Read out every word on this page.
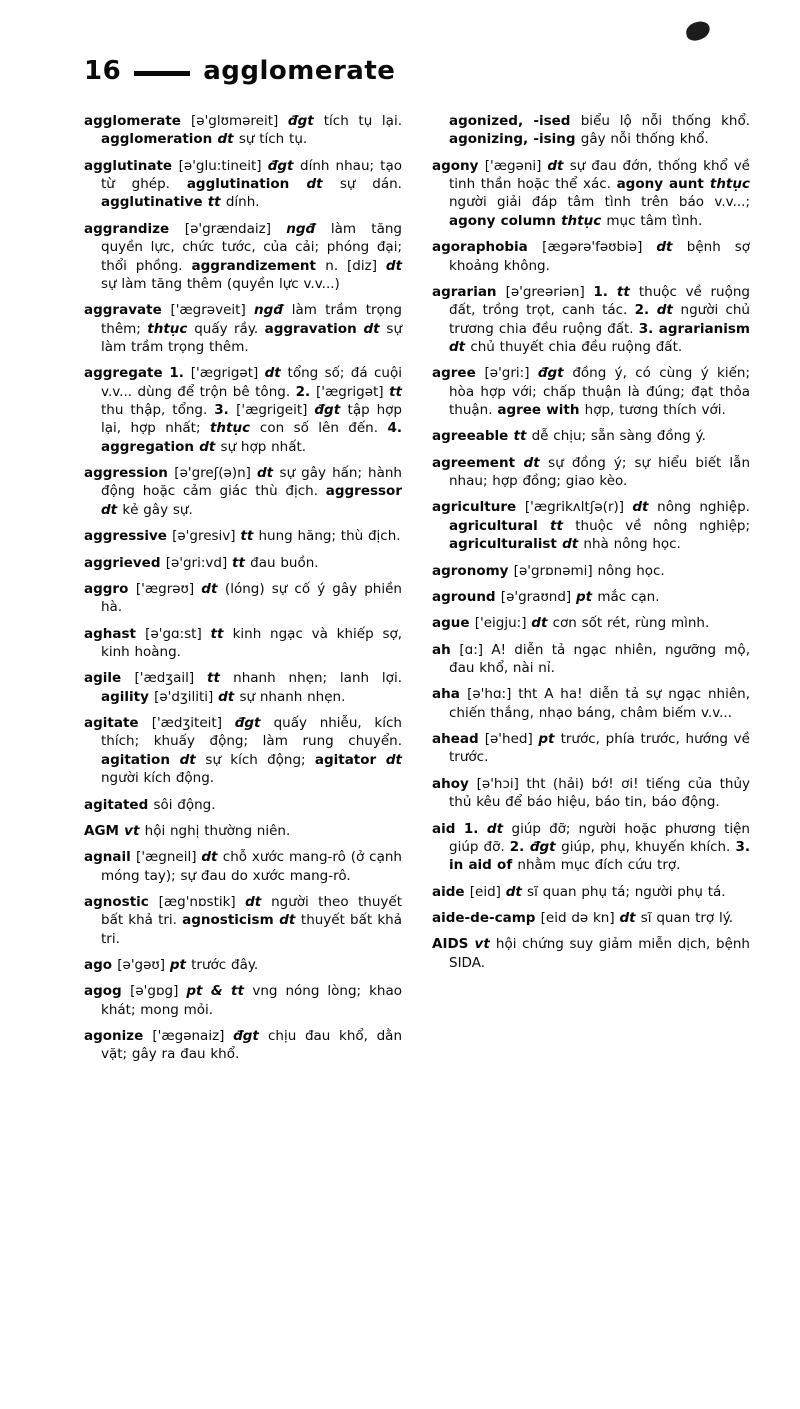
16	agglomerate

agglomerate [ə'glʊməreit] đgt tích tụ lại. agglomeration dt sự tích tụ.

agglutinate [ə'glu:tineit] đgt dính nhau; tạo từ ghép. agglutination dt sự dán. agglutinative tt dính.

aggrandize [ə'grændaiz] ngđ làm tăng quyền lực, chức tước, của cải; phóng đại; thổi phồng. aggrandizement n. [diz] dt sự làm tăng thêm (quyền lực v.v...)

aggravate ['ægrəveit] ngđ làm trầm trọng thêm; thtục quấy rầy. aggravation dt sự làm trầm trọng thêm.

aggregate 1. ['ægrigət] dt tổng số; đá cuội v.v... dùng để trộn bê tông. 2. ['ægrigət] tt thu thập, tổng. 3. ['ægrigeit] đgt tập hợp lại, hợp nhất; thtục con số lên đến. 4. aggregation dt sự hợp nhất.

aggression [ə'greʃ(ə)n] dt sự gây hấn; hành động hoặc cảm giác thù địch. aggressor dt kẻ gây sự.

aggressive [ə'gresiv] tt hung hăng; thù địch.

aggrieved [ə'gri:vd] tt đau buồn.

aggro ['ægrəʊ] dt (lóng) sự cố ý gây phiền hà.

aghast [ə'gɑ:st] tt kinh ngạc và khiếp sợ, kinh hoàng.

agile ['ædʒail] tt nhanh nhẹn; lanh lợi. agility [ə'dʒiliti] dt sự nhanh nhẹn.

agitate ['ædʒiteit] đgt quấy nhiễu, kích thích; khuấy động; làm rung chuyển. agitation dt sự kích động; agitator dt người kích động.

agitated sôi động.

AGM vt hội nghị thường niên.

agnail ['ægneil] dt chỗ xước mang-rô (ở cạnh móng tay); sự đau do xước mang-rô.

agnostic [æg'nɒstik] dt người theo thuyết bất khả tri. agnosticism dt thuyết bất khả tri.

ago [ə'gəʊ] pt trước đây.

agog [ə'gɒg] pt & tt vng nóng lòng; khao khát; mong mỏi.

agonize ['ægənaiz] đgt chịu đau khổ, dằn vặt; gây ra đau khổ.

agonized, -ised biểu lộ nỗi thống khổ. agonizing, -ising gây nỗi thống khổ.

agony ['ægəni] dt sự đau đớn, thống khổ về tinh thần hoặc thể xác. agony aunt thtục người giải đáp tâm tình trên báo v.v...; agony column thtục mục tâm tình.

agoraphobia [ægərə'fəʊbiə] dt bệnh sợ khoảng không.

agrarian [ə'greəriən] 1. tt thuộc về ruộng đất, trồng trọt, canh tác. 2. dt người chủ trương chia đều ruộng đất. 3. agrarianism dt chủ thuyết chia đều ruộng đất.

agree [ə'gri:] đgt đồng ý, có cùng ý kiến; hòa hợp với; chấp thuận là đúng; đạt thỏa thuận. agree with hợp, tương thích với.

agreeable tt dễ chịu; sẵn sàng đồng ý.

agreement dt sự đồng ý; sự hiểu biết lẫn nhau; hợp đồng; giao kèo.

agriculture ['ægrikʌltʃə(r)] dt nông nghiệp. agricultural tt thuộc về nông nghiệp; agriculturalist dt nhà nông học.

agronomy [ə'grɒnəmi] nông học.

aground [ə'graʊnd] pt mắc cạn.

ague ['eigju:] dt cơn sốt rét, rùng mình.

ah [ɑ:] A! diễn tả ngạc nhiên, ngưỡng mộ, đau khổ, nài nỉ.

aha [ə'hɑ:] tht A ha! diễn tả sự ngạc nhiên, chiến thắng, nhạo báng, châm biếm v.v...

ahead [ə'hed] pt trước, phía trước, hướng về trước.

ahoy [ə'hɔi] tht (hải) bớ! ơi! tiếng của thủy thủ kêu để báo hiệu, báo tin, báo động.

aid 1. dt giúp đỡ; người hoặc phương tiện giúp đỡ. 2. đgt giúp, phụ, khuyến khích. 3. in aid of nhằm mục đích cứu trợ.

aide [eid] dt sĩ quan phụ tá; người phụ tá.

aide-de-camp [eid də kn] dt sĩ quan trợ lý.

AIDS vt hội chứng suy giảm miễn dịch, bệnh SIDA.
